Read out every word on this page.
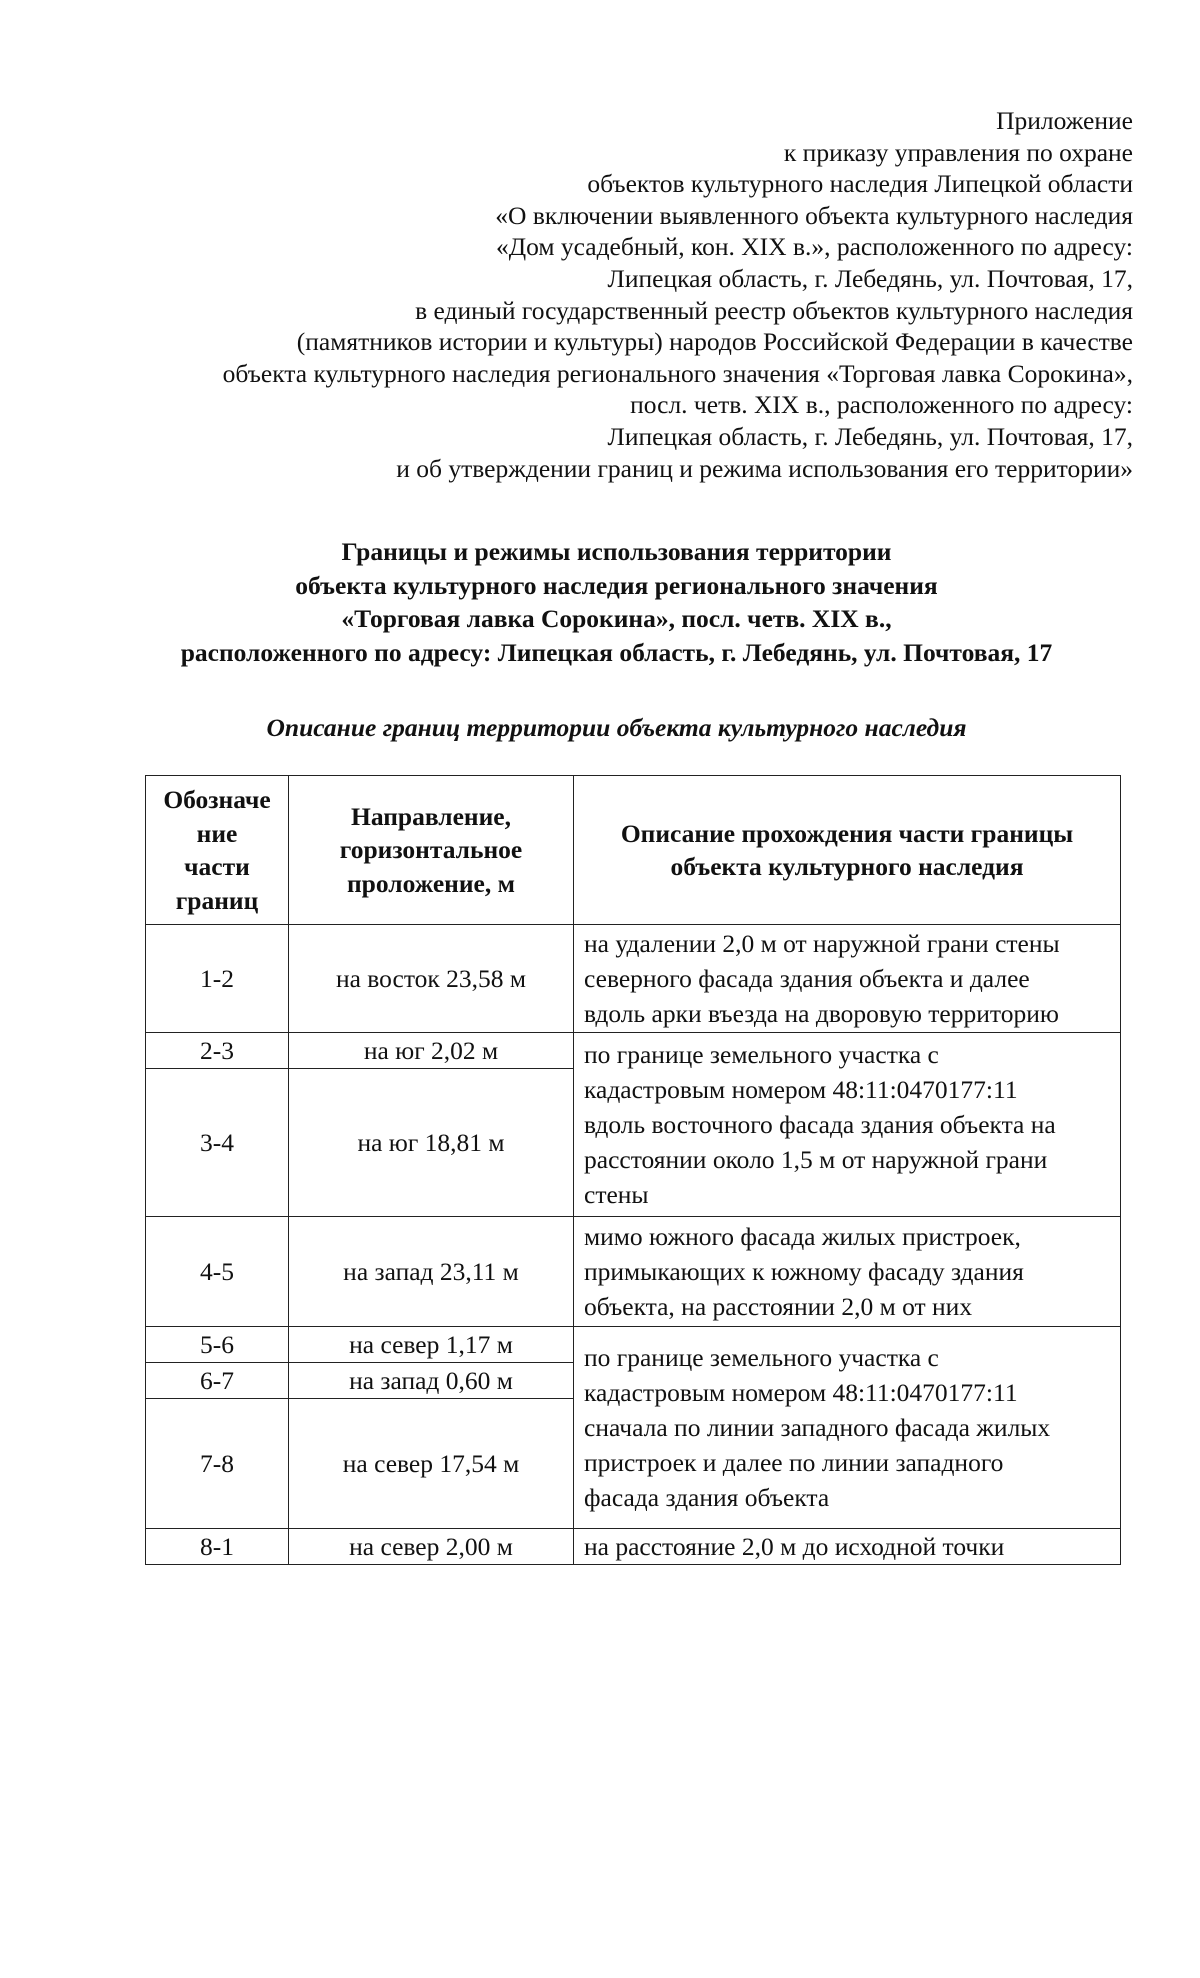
Приложение
к приказу управления по охране
объектов культурного наследия Липецкой области
«О включении выявленного объекта культурного наследия
«Дом усадебный, кон. XIX в.», расположенного по адресу:
Липецкая область, г. Лебедянь, ул. Почтовая, 17,
в единый государственный реестр объектов культурного наследия
(памятников истории и культуры) народов Российской Федерации в качестве
объекта культурного наследия регионального значения «Торговая лавка Сорокина»,
посл. четв. XIX в., расположенного по адресу:
Липецкая область, г. Лебедянь, ул. Почтовая, 17,
и об утверждении границ и режима использования его территории»
Границы и режимы использования территории
объекта культурного наследия регионального значения
«Торговая лавка Сорокина», посл. четв. XIX в.,
расположенного по адресу: Липецкая область, г. Лебедянь, ул. Почтовая, 17
Описание границ территории объекта культурного наследия
Обозначе
ние
части
границ	Направление,
горизонтальное
проложение, м	Описание прохождения части границы
объекта культурного наследия
1-2	на восток 23,58 м	на удалении 2,0 м от наружной грани стены
северного фасада здания объекта и далее
вдоль арки въезда на дворовую территорию
2-3	на юг 2,02 м	по границе земельного участка с
кадастровым номером 48:11:0470177:11
вдоль восточного фасада здания объекта на
расстоянии около 1,5 м от наружной грани
стены
3-4	на юг 18,81 м	
4-5	на запад 23,11 м	мимо южного фасада жилых пристроек,
примыкающих к южному фасаду здания
объекта, на расстоянии 2,0 м от них
5-6	на север 1,17 м	по границе земельного участка с
кадастровым номером 48:11:0470177:11
сначала по линии западного фасада жилых
пристроек и далее по линии западного
фасада здания объекта
6-7	на запад 0,60 м	
7-8	на север 17,54 м	
8-1	на север 2,00 м	на расстояние 2,0 м до исходной точки
